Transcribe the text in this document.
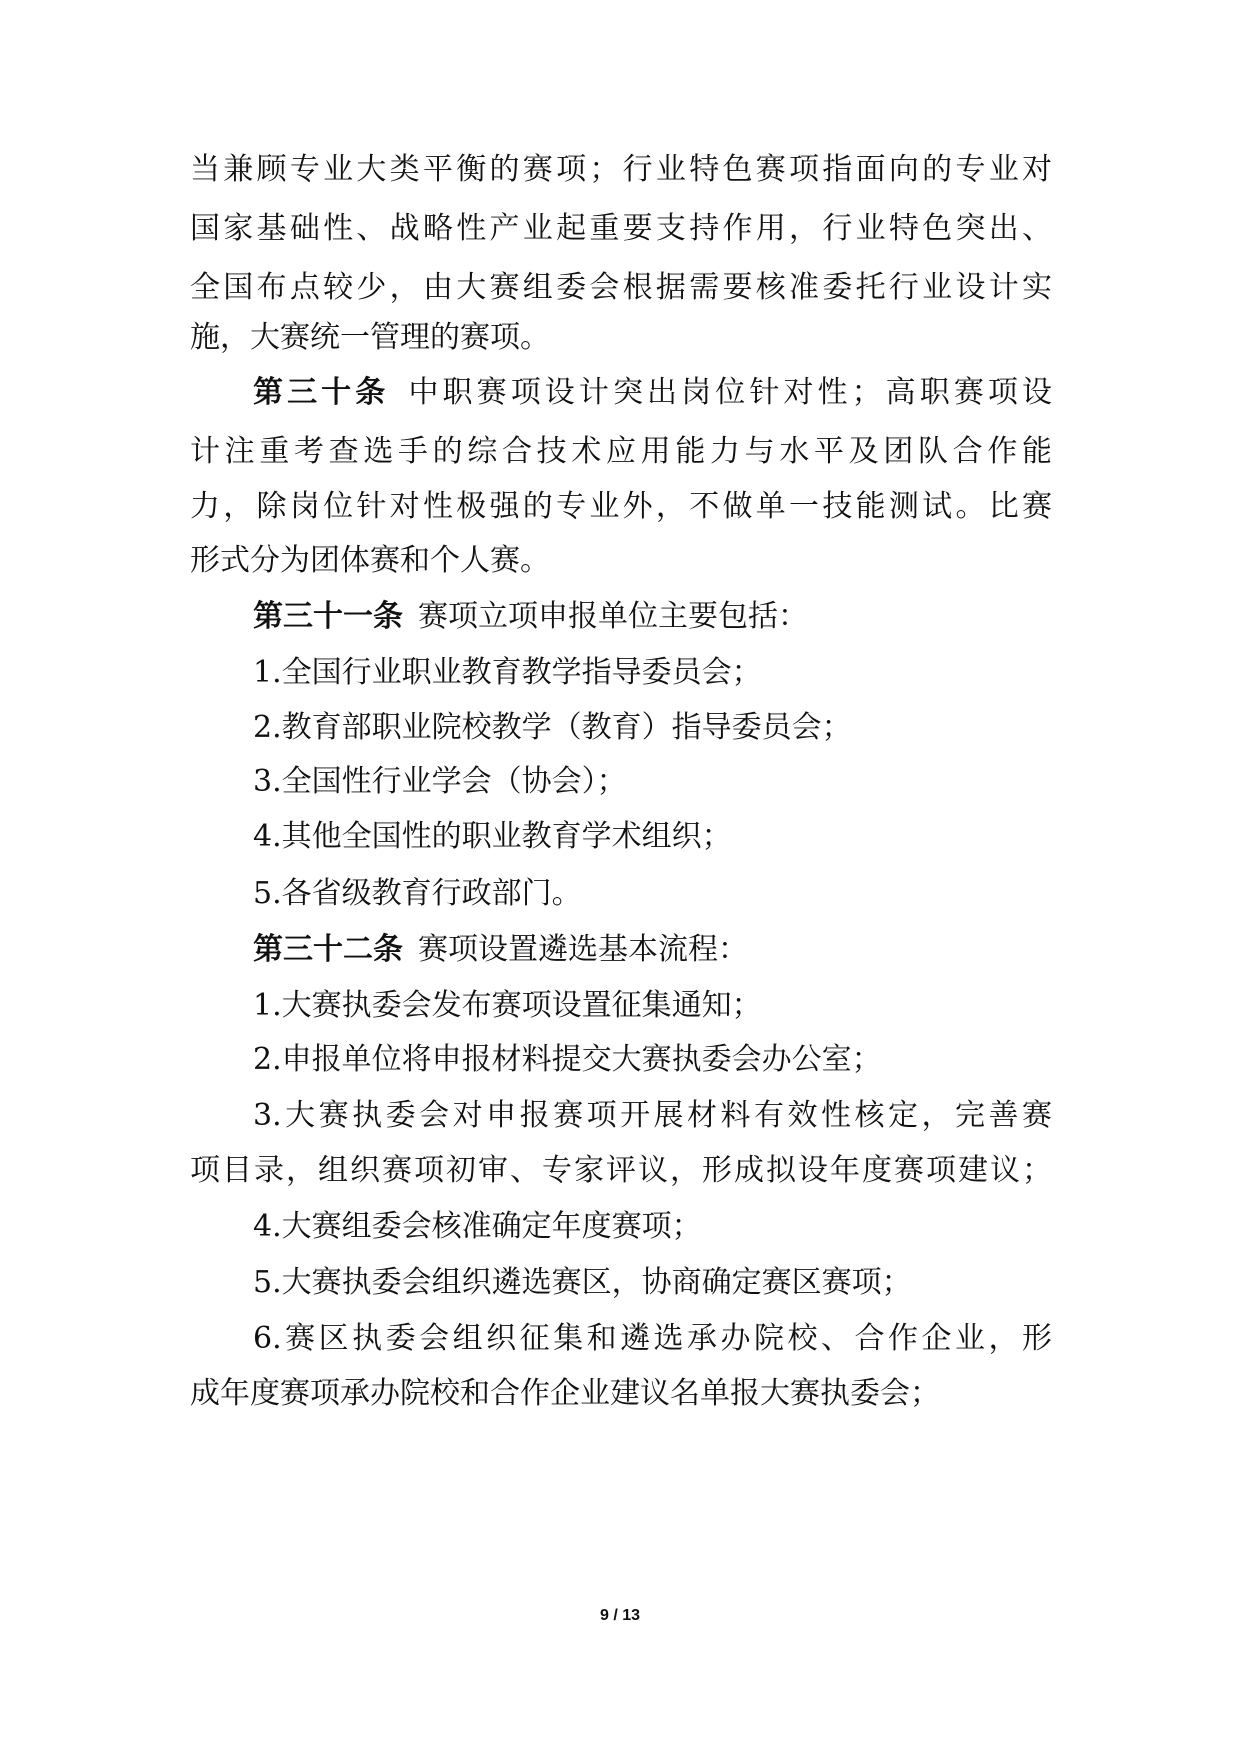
当兼顾专业大类平衡的赛项；行业特色赛项指面向的专业对
国家基础性、战略性产业起重要支持作用，行业特色突出、
全国布点较少，由大赛组委会根据需要核准委托行业设计实
施，大赛统一管理的赛项。
第三十条  中职赛项设计突出岗位针对性；高职赛项设
计注重考查选手的综合技术应用能力与水平及团队合作能
力，除岗位针对性极强的专业外，不做单一技能测试。比赛
形式分为团体赛和个人赛。
第三十一条  赛项立项申报单位主要包括：
1.全国行业职业教育教学指导委员会；
2.教育部职业院校教学（教育）指导委员会；
3.全国性行业学会（协会）；
4.其他全国性的职业教育学术组织；
5.各省级教育行政部门。
第三十二条  赛项设置遴选基本流程：
1.大赛执委会发布赛项设置征集通知；
2.申报单位将申报材料提交大赛执委会办公室；
3.大赛执委会对申报赛项开展材料有效性核定，完善赛
项目录，组织赛项初审、专家评议，形成拟设年度赛项建议；
4.大赛组委会核准确定年度赛项；
5.大赛执委会组织遴选赛区，协商确定赛区赛项；
6.赛区执委会组织征集和遴选承办院校、合作企业，形
成年度赛项承办院校和合作企业建议名单报大赛执委会；
9 / 13
